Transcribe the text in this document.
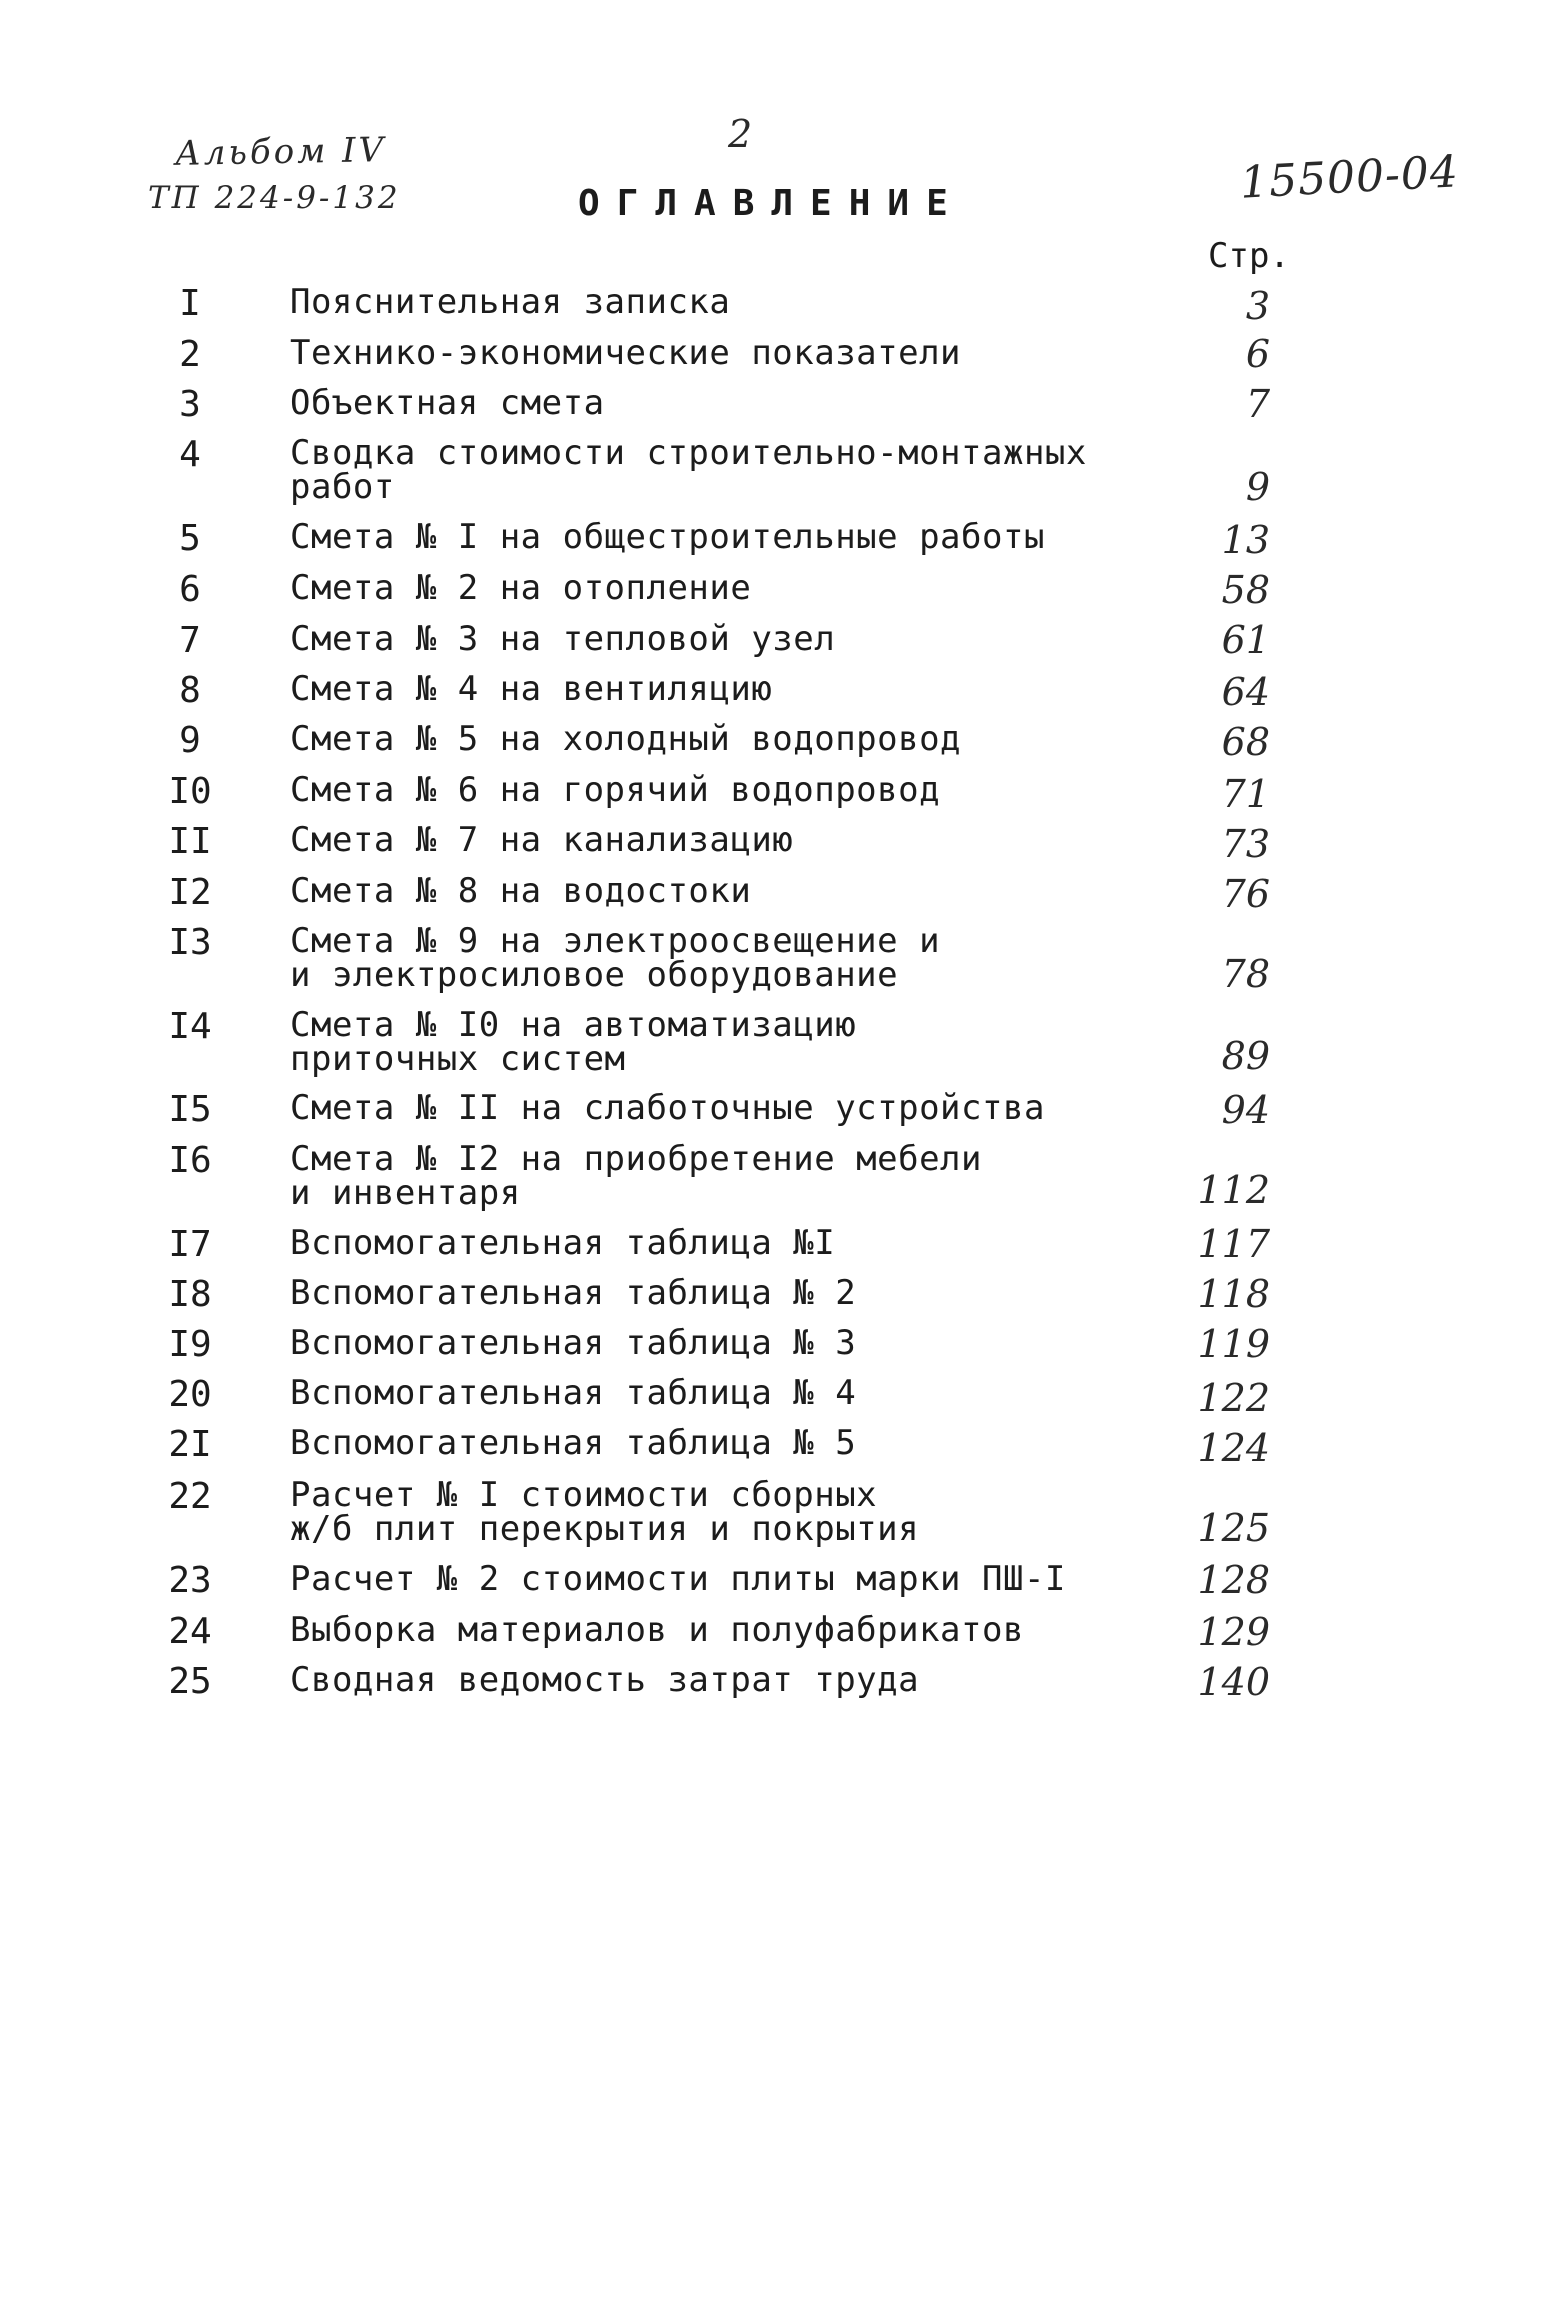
Альбом IV
ТП 224-9-132
2
15500-04
ОГЛАВЛЕНИЕ
Стр.
I	Пояснительная записка	3
2	Технико-экономические показатели	6
3	Объектная смета	7
4	Сводка стоимости строительно-монтажных
работ	9
5	Смета № I на общестроительные работы	13
6	Смета № 2 на отопление	58
7	Смета № 3 на тепловой узел	61
8	Смета № 4 на вентиляцию	64
9	Смета № 5 на холодный водопровод	68
I0	Смета № 6 на горячий водопровод	71
II	Смета № 7 на канализацию	73
I2	Смета № 8 на водостоки	76
I3	Смета № 9 на электроосвещение и
и электросиловое оборудование	78
I4	Смета № I0 на автоматизацию
приточных систем	89
I5	Смета № II на слаботочные устройства	94
I6	Смета № I2 на приобретение мебели
и инвентаря	112
I7	Вспомогательная таблица №I	117
I8	Вспомогательная таблица № 2	118
I9	Вспомогательная таблица № 3	119
20	Вспомогательная таблица № 4	122
2I	Вспомогательная таблица № 5	124
22	Расчет № I стоимости сборных
ж/б плит перекрытия и покрытия	125
23	Расчет № 2 стоимости плиты марки ПШ-I	128
24	Выборка материалов и полуфабрикатов	129
25	Сводная ведомость затрат труда	140
